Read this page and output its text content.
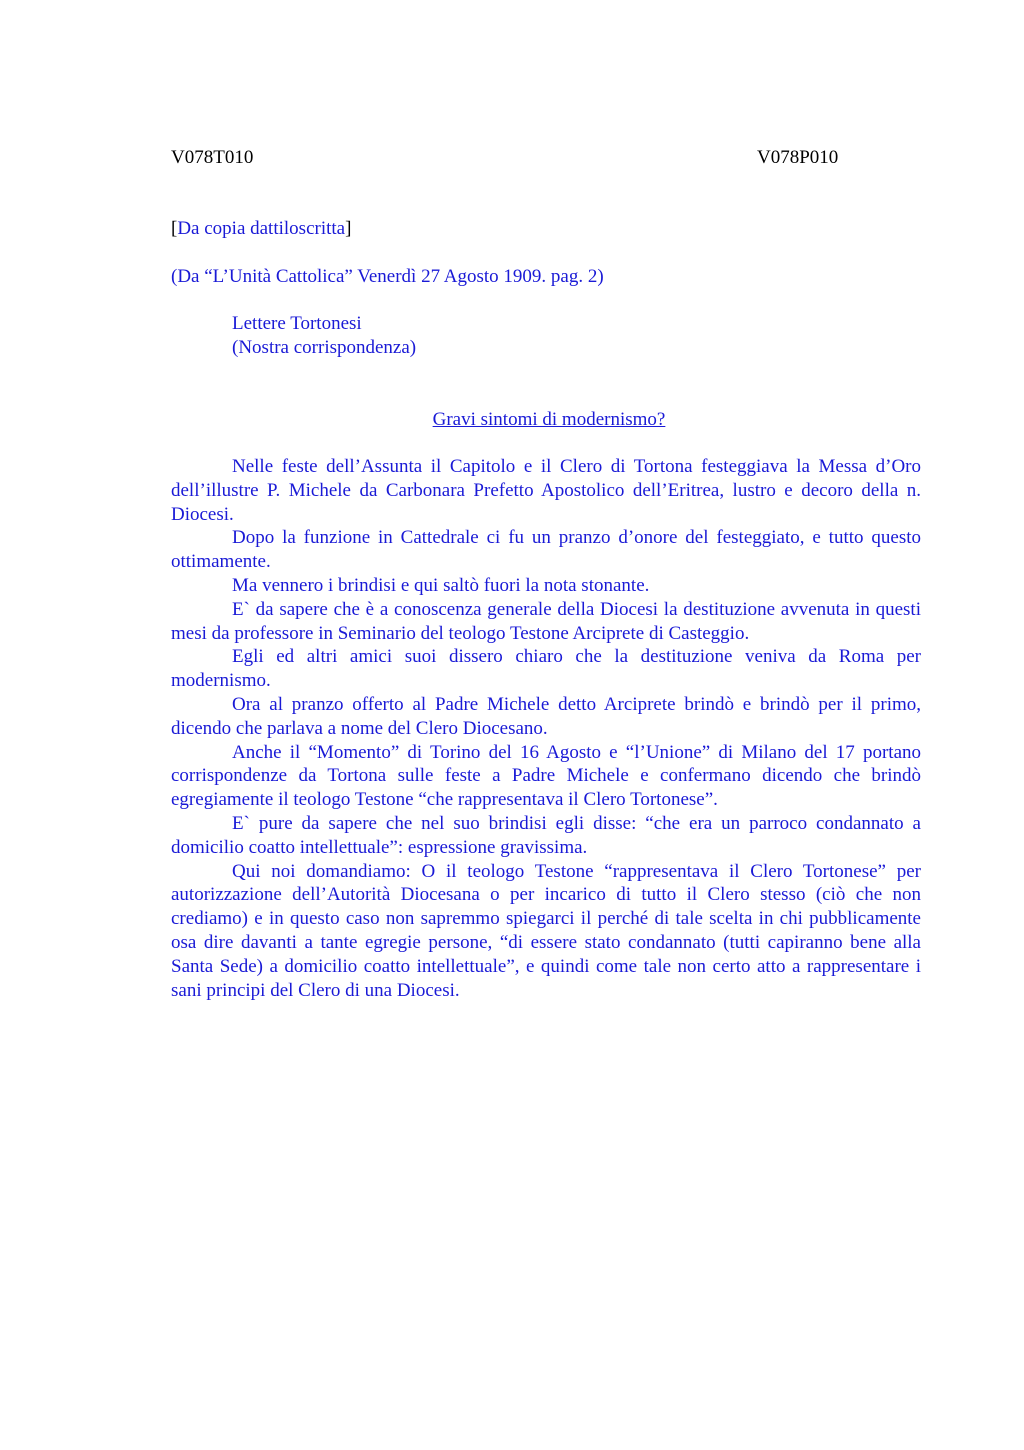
V078T010	V078P010
[Da copia dattiloscritta]
(Da “L’Unità Cattolica” Venerdì 27 Agosto 1909. pag. 2)
Lettere Tortonesi
(Nostra corrispondenza)
Gravi sintomi di modernismo?

Nelle feste dell’Assunta il Capitolo e il Clero di Tortona festeggiava la Messa d’Oro dell’illustre P. Michele da Carbonara Prefetto Apostolico dell’Eritrea, lustro e decoro della n. Diocesi.

Dopo la funzione in Cattedrale ci fu un pranzo d’onore del festeggiato, e tutto questo ottimamente.

Ma vennero i brindisi e qui saltò fuori la nota stonante.

E` da sapere che è a conoscenza generale della Diocesi la destituzione avvenuta in questi mesi da professore in Seminario del teologo Testone Arciprete di Casteggio.

Egli ed altri amici suoi dissero chiaro che la destituzione veniva da Roma per modernismo.

Ora al pranzo offerto al Padre Michele detto Arciprete brindò e brindò per il primo, dicendo che parlava a nome del Clero Diocesano.

Anche il “Momento” di Torino del 16 Agosto e “l’Unione” di Milano del 17 portano corrispondenze da Tortona sulle feste a Padre Michele e confermano dicendo che brindò egregiamente il teologo Testone “che rappresentava il Clero Tortonese”.

E` pure da sapere che nel suo brindisi egli disse: “che era un parroco condannato a domicilio coatto intellettuale”: espressione gravissima.

Qui noi domandiamo: O il teologo Testone “rappresentava il Clero Tortonese” per autorizzazione dell’Autorità Diocesana o per incarico di tutto il Clero stesso (ciò che non crediamo) e in questo caso non sapremmo spiegarci il perché di tale scelta in chi pubblicamente osa dire davanti a tante egregie persone, “di essere stato condannato (tutti capiranno bene alla Santa Sede) a domicilio coatto intellettuale”, e quindi come tale non certo atto a rappresentare i sani principi del Clero di una Diocesi.
